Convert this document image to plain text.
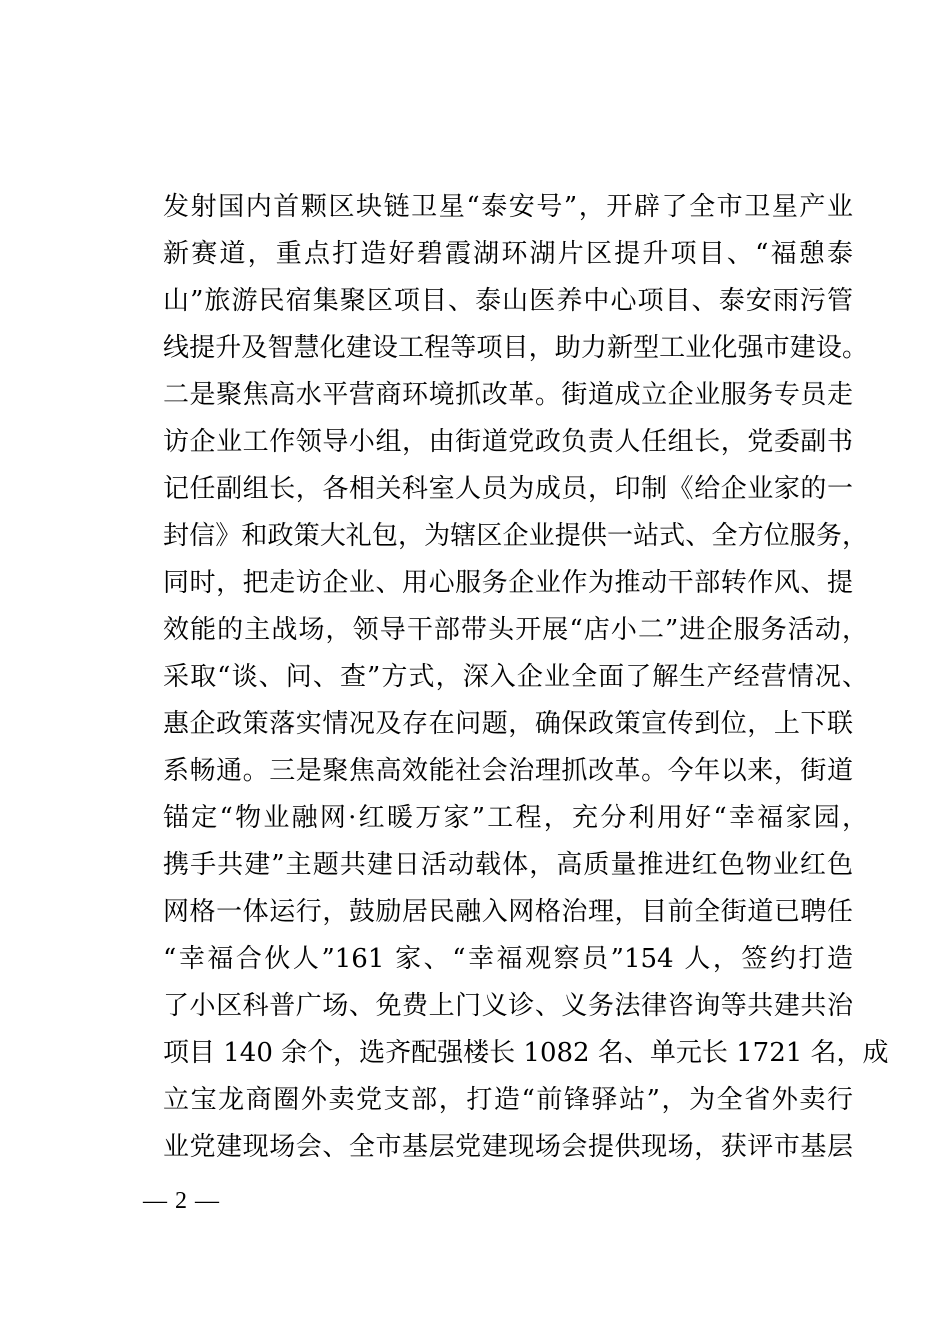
发射国内首颗区块链卫星“泰安号”，开辟了全市卫星产业
新赛道，重点打造好碧霞湖环湖片区提升项目、“福憩泰
山”旅游民宿集聚区项目、泰山医养中心项目、泰安雨污管
线提升及智慧化建设工程等项目，助力新型工业化强市建设。
二是聚焦高水平营商环境抓改革。街道成立企业服务专员走
访企业工作领导小组，由街道党政负责人任组长，党委副书
记任副组长，各相关科室人员为成员，印制《给企业家的一
封信》和政策大礼包，为辖区企业提供一站式、全方位服务，
同时，把走访企业、用心服务企业作为推动干部转作风、提
效能的主战场，领导干部带头开展“店小二”进企服务活动，
采取“谈、问、查”方式，深入企业全面了解生产经营情况、
惠企政策落实情况及存在问题，确保政策宣传到位，上下联
系畅通。三是聚焦高效能社会治理抓改革。今年以来，街道
锚定“物业融网·红暖万家”工程，充分利用好“幸福家园，
携手共建”主题共建日活动载体，高质量推进红色物业红色
网格一体运行，鼓励居民融入网格治理，目前全街道已聘任
“幸福合伙人”161 家、“幸福观察员”154 人，签约打造
了小区科普广场、免费上门义诊、义务法律咨询等共建共治
项目 140 余个，选齐配强楼长 1082 名、单元长 1721 名，成
立宝龙商圈外卖党支部，打造“前锋驿站”，为全省外卖行
业党建现场会、全市基层党建现场会提供现场，获评市基层
— 2 —
